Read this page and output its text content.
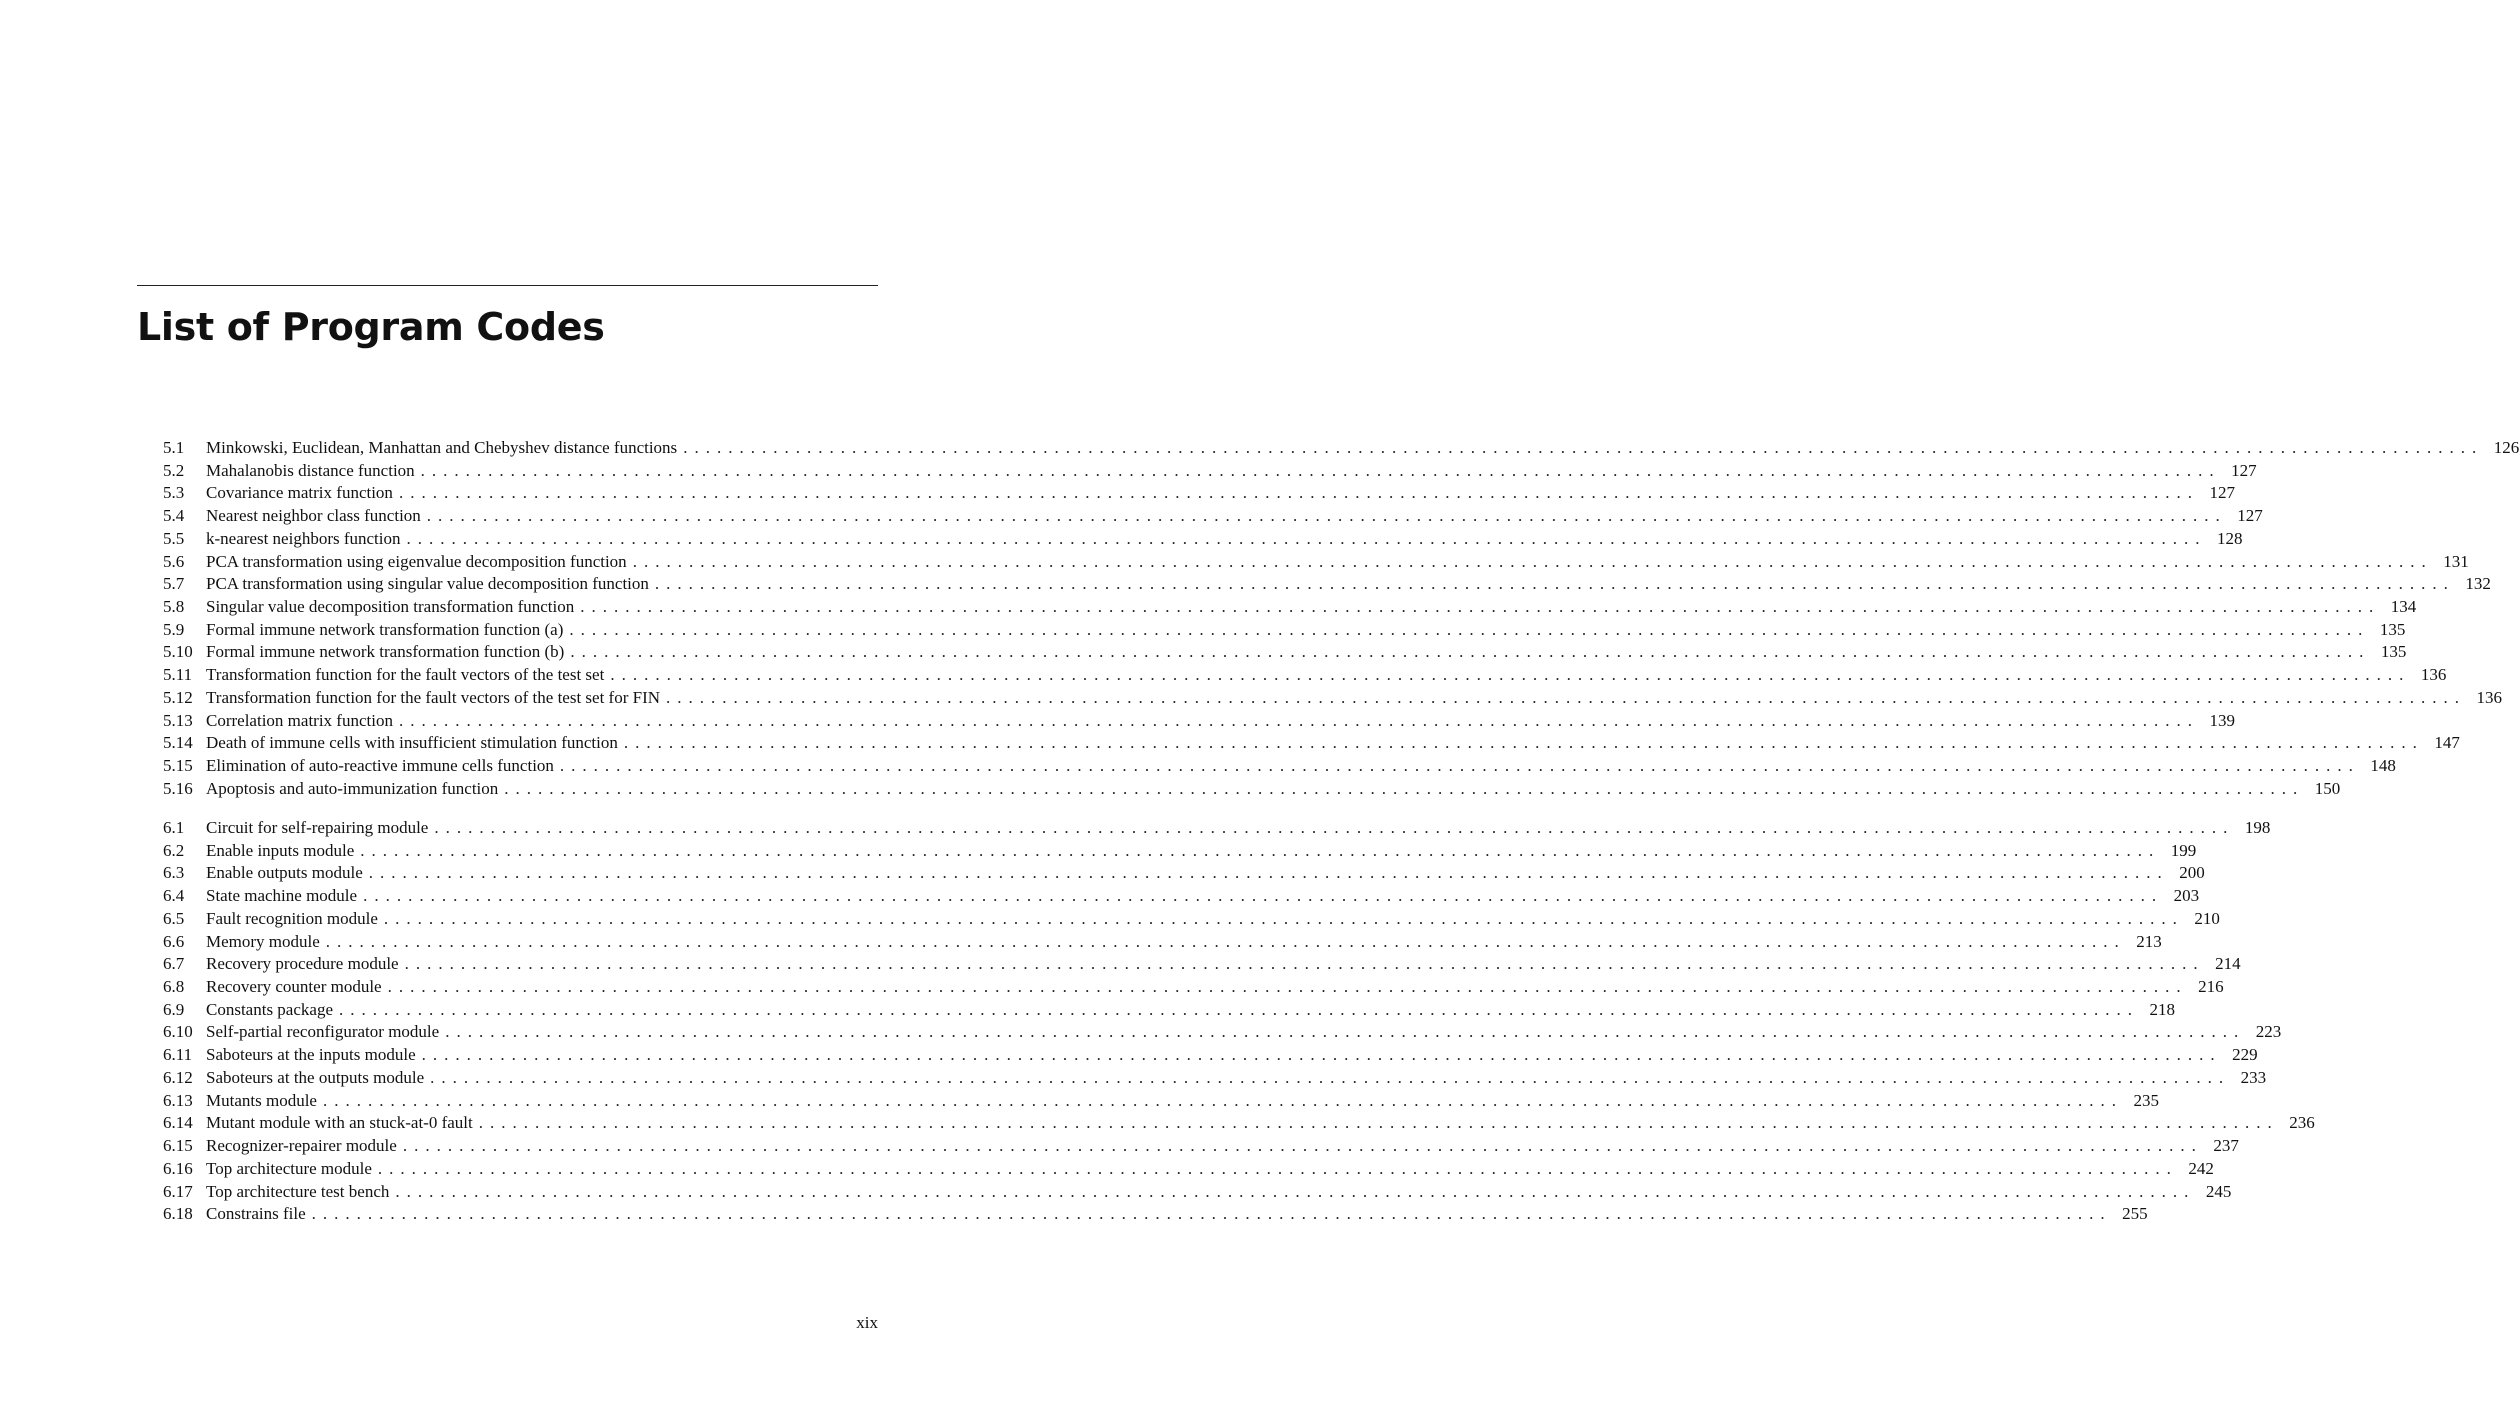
List of Program Codes
5.1	Minkowski, Euclidean, Manhattan and Chebyshev distance functions ................................................................................................................................................................ 126
5.2	Mahalanobis distance function ................................................................................................................................................................ 127
5.3	Covariance matrix function ................................................................................................................................................................ 127
5.4	Nearest neighbor class function ................................................................................................................................................................ 127
5.5	k-nearest neighbors function ................................................................................................................................................................ 128
5.6	PCA transformation using eigenvalue decomposition function ................................................................................................................................................................ 131
5.7	PCA transformation using singular value decomposition function ................................................................................................................................................................ 132
5.8	Singular value decomposition transformation function ................................................................................................................................................................ 134
5.9	Formal immune network transformation function (a) ................................................................................................................................................................ 135
5.10 Formal immune network transformation function (b) ................................................................................................................................................................ 135
5.11 Transformation function for the fault vectors of the test set ................................................................................................................................................................ 136
5.12 Transformation function for the fault vectors of the test set for FIN ................................................................................................................................................................ 136
5.13 Correlation matrix function ................................................................................................................................................................ 139
5.14 Death of immune cells with insufficient stimulation function ................................................................................................................................................................ 147
5.15 Elimination of auto-reactive immune cells function ................................................................................................................................................................ 148
5.16 Apoptosis and auto-immunization function ................................................................................................................................................................ 150
6.1	Circuit for self-repairing module ................................................................................................................................................................ 198
6.2	Enable inputs module ................................................................................................................................................................ 199
6.3	Enable outputs module ................................................................................................................................................................ 200
6.4	State machine module ................................................................................................................................................................ 203
6.5	Fault recognition module ................................................................................................................................................................ 210
6.6	Memory module ................................................................................................................................................................ 213
6.7	Recovery procedure module ................................................................................................................................................................ 214
6.8	Recovery counter module ................................................................................................................................................................ 216
6.9	Constants package ................................................................................................................................................................ 218
6.10 Self-partial reconfigurator module ................................................................................................................................................................ 223
6.11 Saboteurs at the inputs module ................................................................................................................................................................ 229
6.12 Saboteurs at the outputs module ................................................................................................................................................................ 233
6.13 Mutants module ................................................................................................................................................................ 235
6.14 Mutant module with an stuck-at-0 fault ................................................................................................................................................................ 236
6.15 Recognizer-repairer module ................................................................................................................................................................ 237
6.16 Top architecture module ................................................................................................................................................................ 242
6.17 Top architecture test bench ................................................................................................................................................................ 245
6.18 Constrains file ................................................................................................................................................................ 255
xix
